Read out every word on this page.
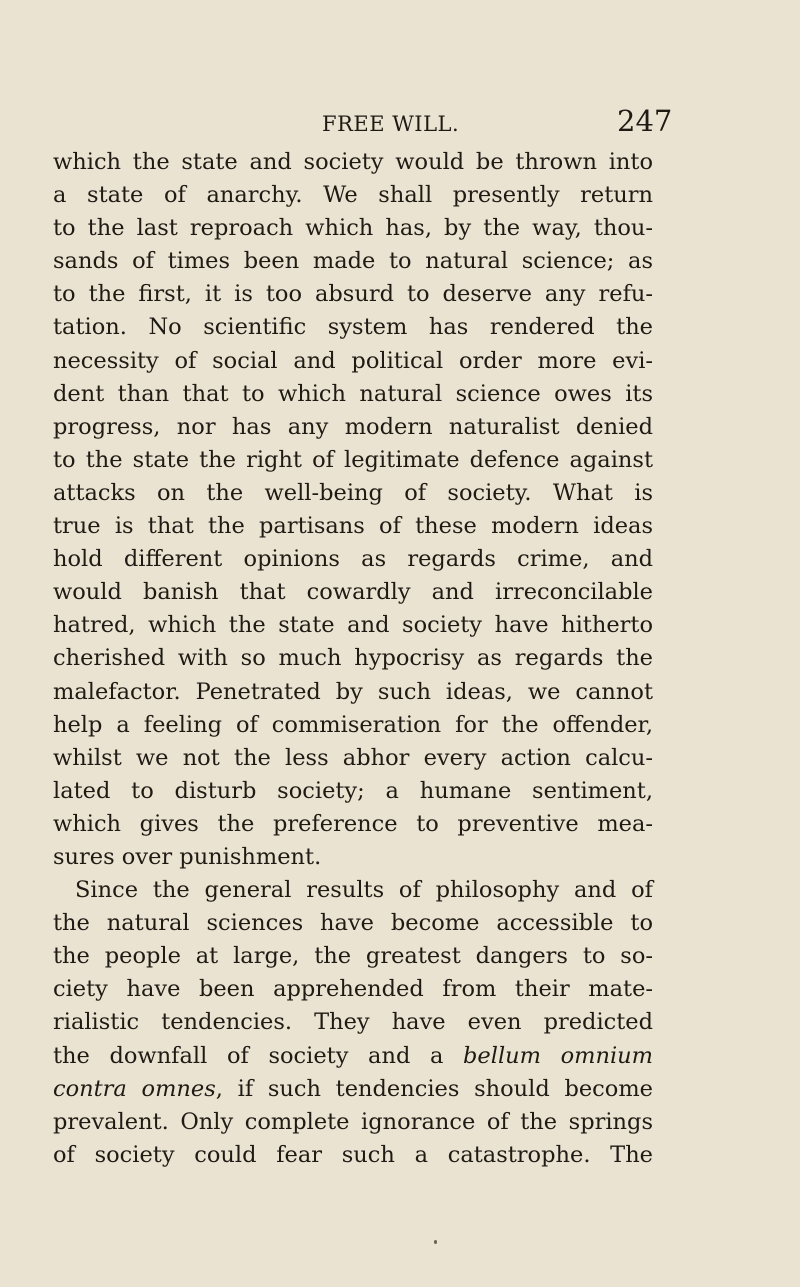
FREE WILL.	247
which the state and society would be thrown into
a state of anarchy. We shall presently return
to the last reproach which has, by the way, thou-
sands of times been made to natural science; as
to the first, it is too absurd to deserve any refu-
tation. No scientific system has rendered the
necessity of social and political order more evi-
dent than that to which natural science owes its
progress, nor has any modern naturalist denied
to the state the right of legitimate defence against
attacks on the well-being of society. What is
true is that the partisans of these modern ideas
hold different opinions as regards crime, and
would banish that cowardly and irreconcilable
hatred, which the state and society have hitherto
cherished with so much hypocrisy as regards the
malefactor. Penetrated by such ideas, we cannot
help a feeling of commiseration for the offender,
whilst we not the less abhor every action calcu-
lated to disturb society; a humane sentiment,
which gives the preference to preventive mea-
sures over punishment.
Since the general results of philosophy and of
the natural sciences have become accessible to
the people at large, the greatest dangers to so-
ciety have been apprehended from their mate-
rialistic tendencies. They have even predicted
the downfall of society and a bellum omnium
contra omnes, if such tendencies should become
prevalent. Only complete ignorance of the springs
of society could fear such a catastrophe. The
